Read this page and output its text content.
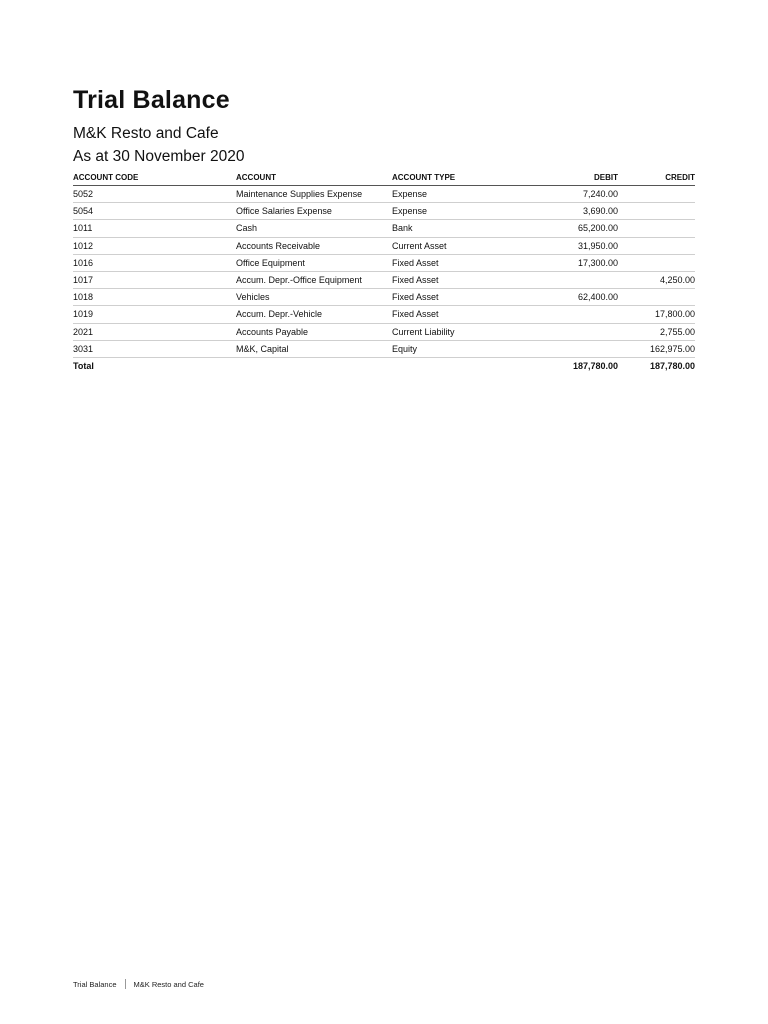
Trial Balance
M&K Resto and Cafe
As at 30 November 2020
ACCOUNT CODE	ACCOUNT	ACCOUNT TYPE	DEBIT	CREDIT
5052	Maintenance Supplies Expense	Expense	7,240.00	
5054	Office Salaries Expense	Expense	3,690.00	
1011	Cash	Bank	65,200.00	
1012	Accounts Receivable	Current Asset	31,950.00	
1016	Office Equipment	Fixed Asset	17,300.00	
1017	Accum. Depr.-Office Equipment	Fixed Asset		4,250.00
1018	Vehicles	Fixed Asset	62,400.00	
1019	Accum. Depr.-Vehicle	Fixed Asset		17,800.00
2021	Accounts Payable	Current Liability		2,755.00
3031	M&K, Capital	Equity		162,975.00
Total			187,780.00	187,780.00
Trial Balance M&K Resto and Cafe
